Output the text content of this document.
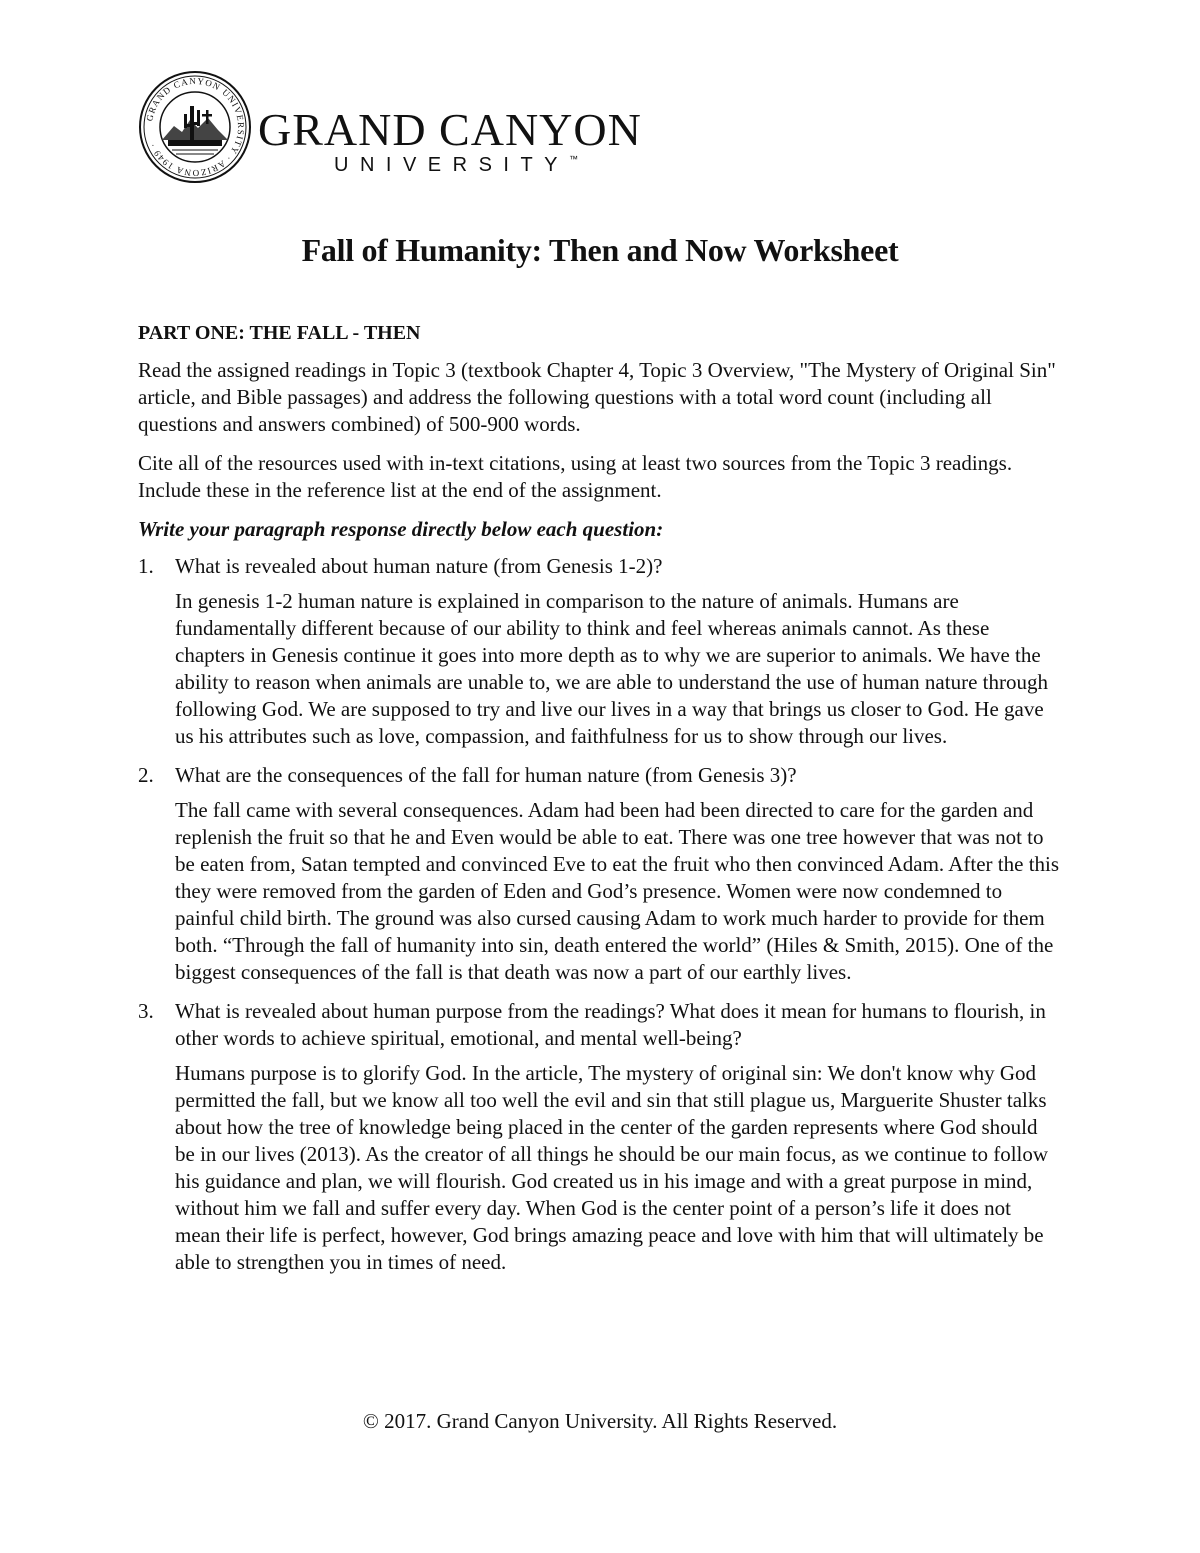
GRAND CANYON UNIVERSITY · ARIZONA 1949 ·	GRAND CANYON
UNIVERSITY™
Fall of Humanity: Then and Now Worksheet

PART ONE: THE FALL - THEN

Read the assigned readings in Topic 3 (textbook Chapter 4, Topic 3 Overview, "The Mystery of Original Sin" article, and Bible passages) and address the following questions with a total word count (including all questions and answers combined) of 500-900 words.

Cite all of the resources used with in-text citations, using at least two sources from the Topic 3 readings. Include these in the reference list at the end of the assignment.

Write your paragraph response directly below each question:

1.	What is revealed about human nature (from Genesis 1-2)?

In genesis 1-2 human nature is explained in comparison to the nature of animals. Humans are fundamentally different because of our ability to think and feel whereas animals cannot. As these chapters in Genesis continue it goes into more depth as to why we are superior to animals. We have the ability to reason when animals are unable to, we are able to understand the use of human nature through following God. We are supposed to try and live our lives in a way that brings us closer to God. He gave us his attributes such as love, compassion, and faithfulness for us to show through our lives.

2.	What are the consequences of the fall for human nature (from Genesis 3)?

The fall came with several consequences. Adam had been had been directed to care for the garden and replenish the fruit so that he and Even would be able to eat. There was one tree however that was not to be eaten from, Satan tempted and convinced Eve to eat the fruit who then convinced Adam. After the this they were removed from the garden of Eden and God’s presence. Women were now condemned to painful child birth. The ground was also cursed causing Adam to work much harder to provide for them both. “Through the fall of humanity into sin, death entered the world” (Hiles & Smith, 2015). One of the biggest consequences of the fall is that death was now a part of our earthly lives.

3.	What is revealed about human purpose from the readings? What does it mean for humans to flourish, in other words to achieve spiritual, emotional, and mental well-being?

Humans purpose is to glorify God. In the article, The mystery of original sin: We don't know why God permitted the fall, but we know all too well the evil and sin that still plague us, Marguerite Shuster talks about how the tree of knowledge being placed in the center of the garden represents where God should be in our lives (2013). As the creator of all things he should be our main focus, as we continue to follow his guidance and plan, we will flourish. God created us in his image and with a great purpose in mind, without him we fall and suffer every day. When God is the center point of a person’s life it does not mean their life is perfect, however, God brings amazing peace and love with him that will ultimately be able to strengthen you in times of need.

© 2017. Grand Canyon University. All Rights Reserved.
